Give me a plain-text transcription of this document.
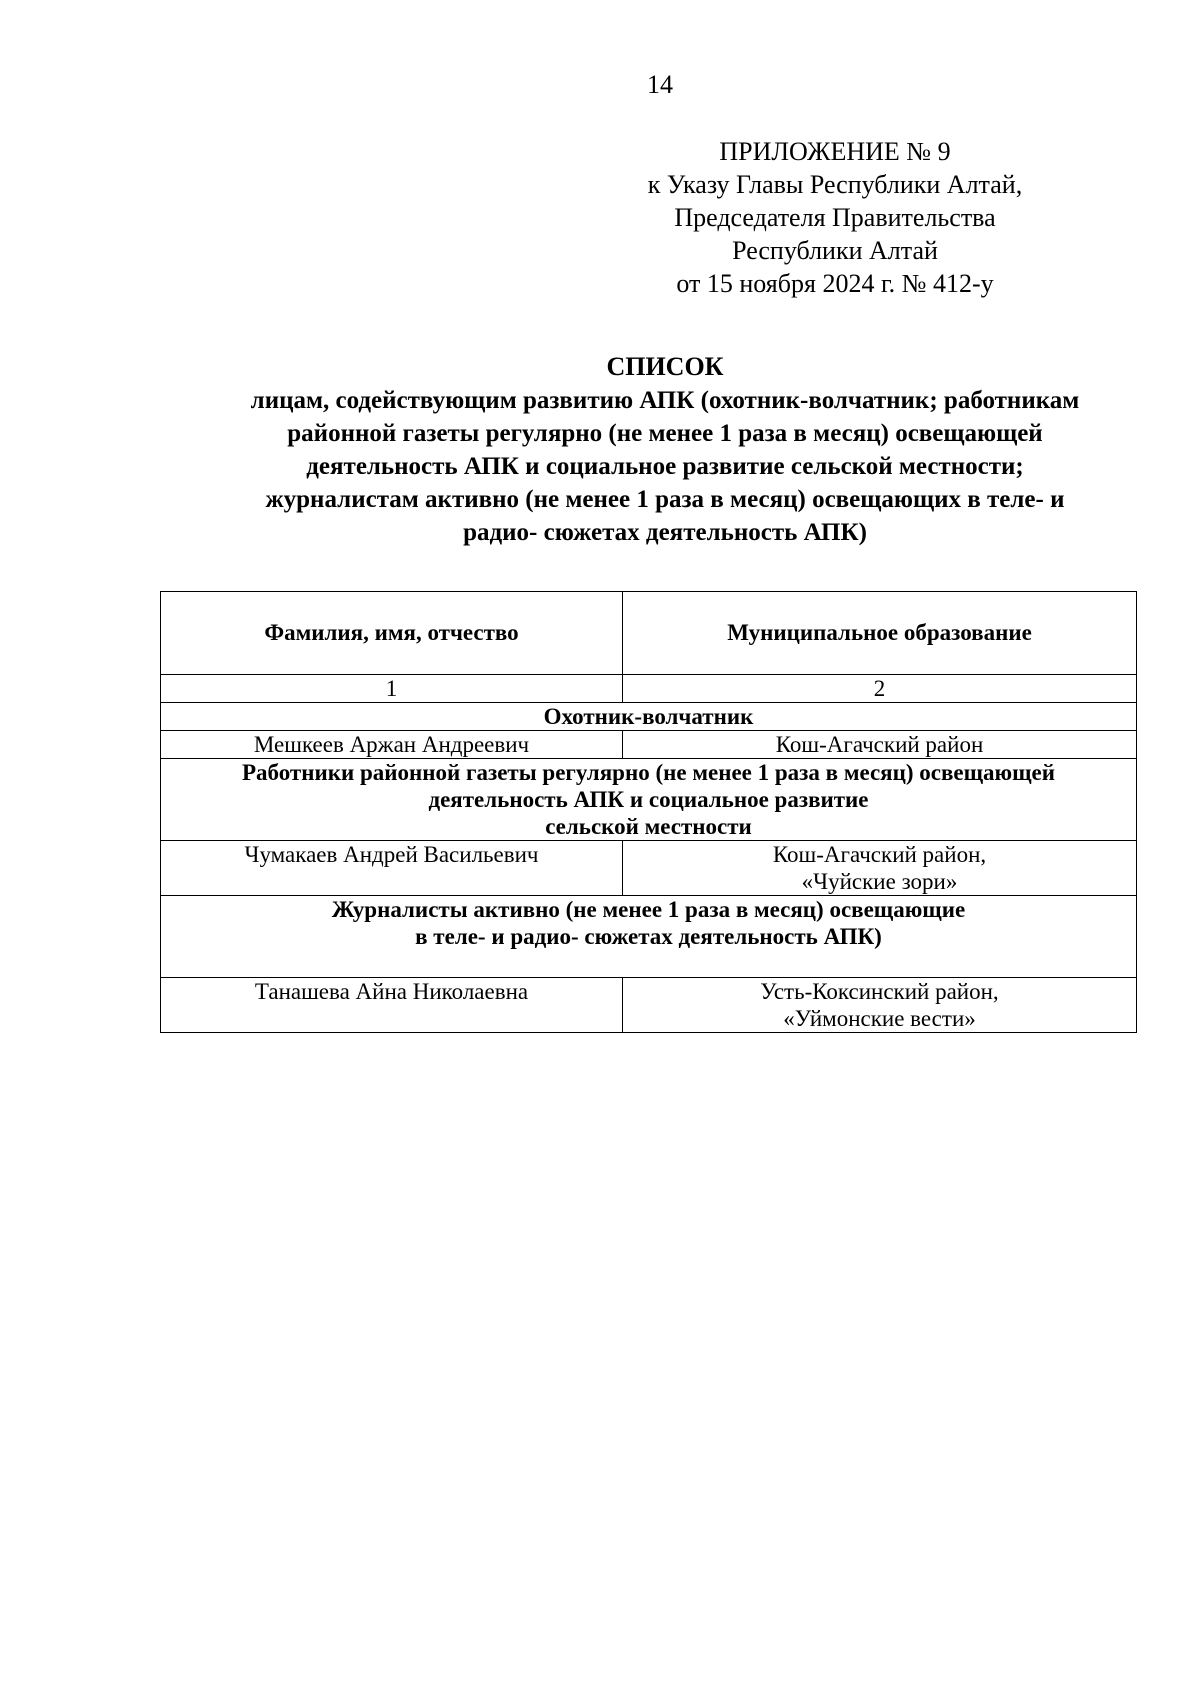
14
ПРИЛОЖЕНИЕ № 9
к Указу Главы Республики Алтай,
Председателя Правительства
Республики Алтай
от 15 ноября 2024 г. № 412-у
СПИСОК
лицам, содействующим развитию АПК (охотник-волчатник; работникам
районной газеты регулярно (не менее 1 раза в месяц) освещающей
деятельность АПК и социальное развитие сельской местности;
журналистам активно (не менее 1 раза в месяц) освещающих в теле- и
радио- сюжетах деятельность АПК)
Фамилия, имя, отчество	Муниципальное образование
1	2

Охотник-волчатник	

Мешкеев Аржан Андреевич	Кош-Агачский район

Работники районной газеты регулярно (не менее 1 раза в месяц) освещающей
деятельность АПК и социальное развитие
сельской местности	

Чумакаев Андрей Васильевич	Кош-Агачский район,
«Чуйские зори»

Журналисты активно (не менее 1 раза в месяц) освещающие
в теле- и радио- сюжетах деятельность АПК)	

Танашева Айна Николаевна	Усть-Коксинский район,
«Уймонские вести»
